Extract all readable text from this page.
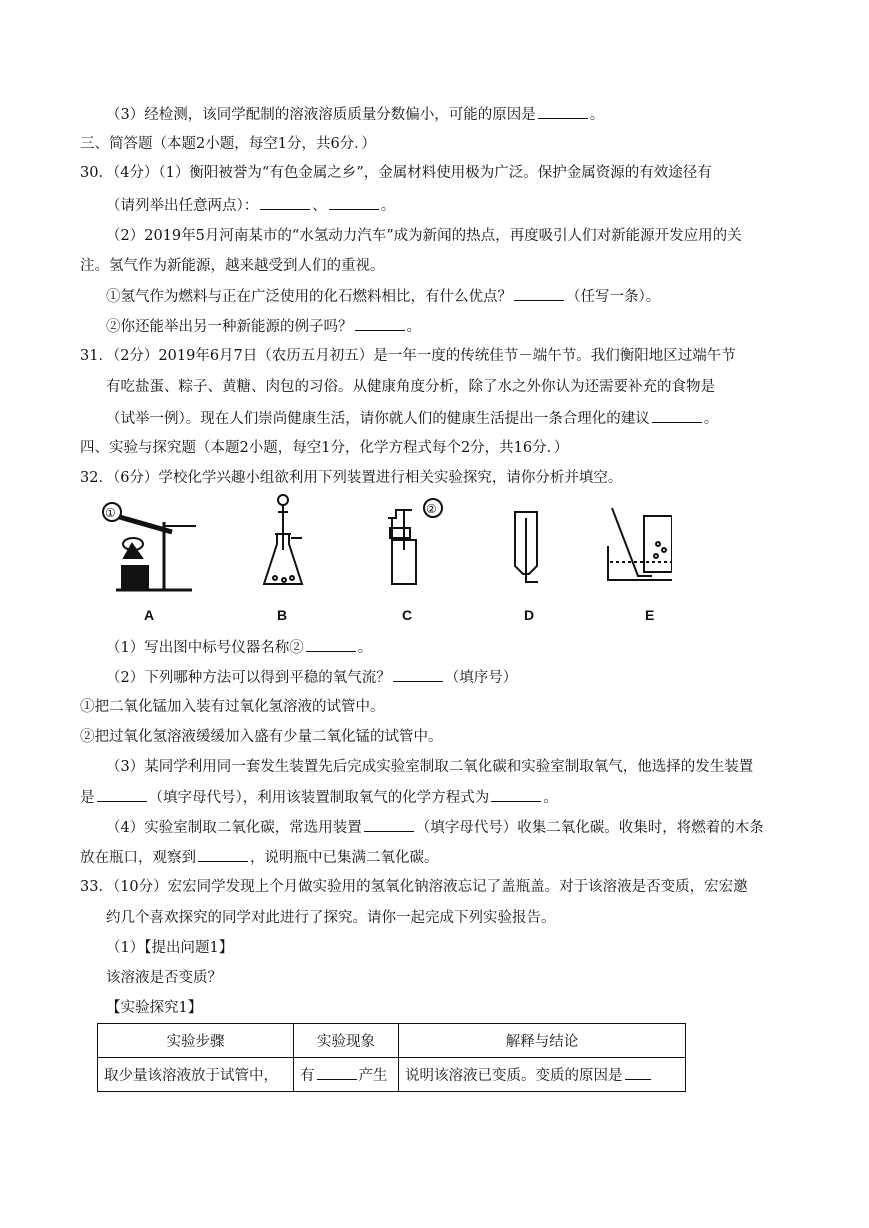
（3）经检测，该同学配制的溶液溶质质量分数偏小，可能的原因是	。
三、简答题（本题2小题，每空1分，共6分．）
30．（4分）（1）衡阳被誉为“有色金属之乡”，金属材料使用极为广泛。保护金属资源的有效途径有
（请列举出任意两点）：	、	。
（2）2019年5月河南某市的“水氢动力汽车”成为新闻的热点，再度吸引人们对新能源开发应用的关
注。氢气作为新能源，越来越受到人们的重视。
①氢气作为燃料与正在广泛使用的化石燃料相比，有什么优点？	（任写一条）。
②你还能举出另一种新能源的例子吗？	。
31．（2分）2019年6月7日（农历五月初五）是一年一度的传统佳节－端午节。我们衡阳地区过端午节
有吃盐蛋、粽子、黄糖、肉包的习俗。从健康角度分析，除了水之外你认为还需要补充的食物是
（试举一例）。现在人们崇尚健康生活，请你就人们的健康生活提出一条合理化的建议	。
四、实验与探究题（本题2小题，每空1分，化学方程式每个2分，共16分．）
32．（6分）学校化学兴趣小组欲利用下列装置进行相关实验探究，请你分析并填空。
①
A	B
②
C	D	E
（1）写出图中标号仪器名称②	。
（2）下列哪种方法可以得到平稳的氧气流？	（填序号）
①把二氧化锰加入装有过氧化氢溶液的试管中。
②把过氧化氢溶液缓缓加入盛有少量二氧化锰的试管中。
（3）某同学利用同一套发生装置先后完成实验室制取二氧化碳和实验室制取氧气，他选择的发生装置
是	（填字母代号），利用该装置制取氧气的化学方程式为	。
（4）实验室制取二氧化碳，常选用装置	（填字母代号）收集二氧化碳。收集时，将燃着的木条
放在瓶口，观察到	，说明瓶中已集满二氧化碳。
33．（10分）宏宏同学发现上个月做实验用的氢氧化钠溶液忘记了盖瓶盖。对于该溶液是否变质，宏宏邀
约几个喜欢探究的同学对此进行了探究。请你一起完成下列实验报告。
（1）【提出问题1】
该溶液是否变质？
【实验探究1】
实验步骤	实验现象	解释与结论
取少量该溶液放于试管中，	有 产生	说明该溶液已变质。变质的原因是
